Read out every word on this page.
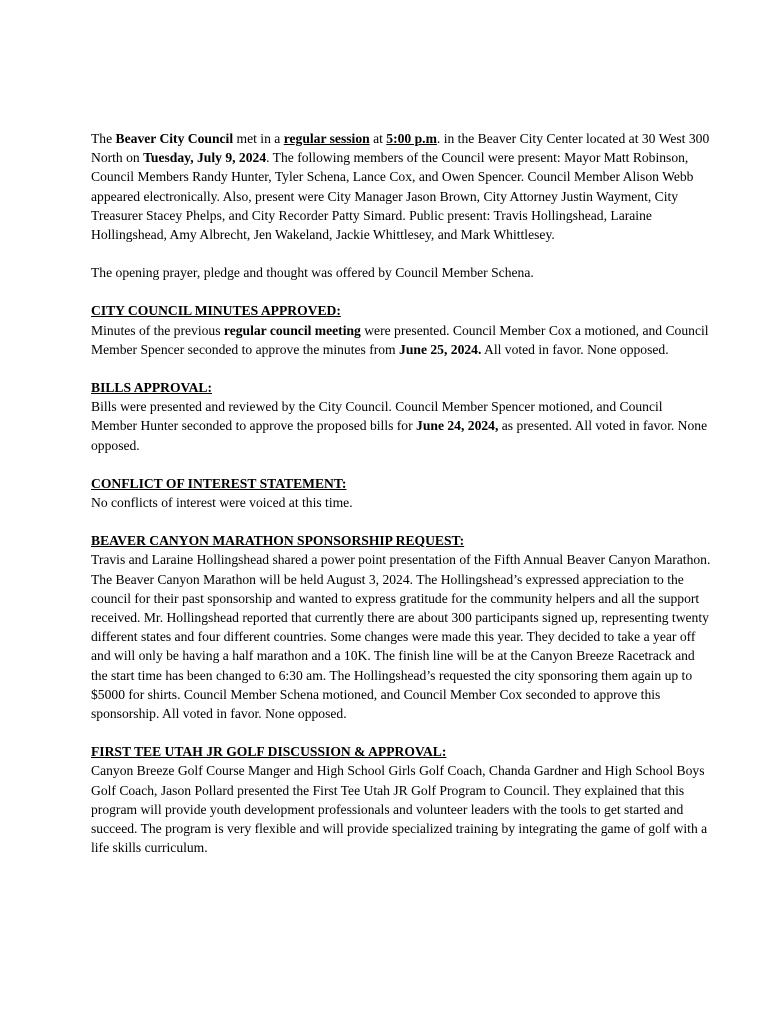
The Beaver City Council met in a regular session at 5:00 p.m. in the Beaver City Center located at 30 West 300 North on Tuesday, July 9, 2024. The following members of the Council were present: Mayor Matt Robinson, Council Members Randy Hunter, Tyler Schena, Lance Cox, and Owen Spencer. Council Member Alison Webb appeared electronically. Also, present were City Manager Jason Brown, City Attorney Justin Wayment, City Treasurer Stacey Phelps, and City Recorder Patty Simard. Public present: Travis Hollingshead, Laraine Hollingshead, Amy Albrecht, Jen Wakeland, Jackie Whittlesey, and Mark Whittlesey.

The opening prayer, pledge and thought was offered by Council Member Schena.

CITY COUNCIL MINUTES APPROVED:

Minutes of the previous regular council meeting were presented. Council Member Cox a motioned, and Council Member Spencer seconded to approve the minutes from June 25, 2024. All voted in favor. None opposed.

BILLS APPROVAL:

Bills were presented and reviewed by the City Council. Council Member Spencer motioned, and Council Member Hunter seconded to approve the proposed bills for June 24, 2024, as presented. All voted in favor. None opposed.

CONFLICT OF INTEREST STATEMENT:

No conflicts of interest were voiced at this time.

BEAVER CANYON MARATHON SPONSORSHIP REQUEST:

Travis and Laraine Hollingshead shared a power point presentation of the Fifth Annual Beaver Canyon Marathon. The Beaver Canyon Marathon will be held August 3, 2024. The Hollingshead’s expressed appreciation to the council for their past sponsorship and wanted to express gratitude for the community helpers and all the support received. Mr. Hollingshead reported that currently there are about 300 participants signed up, representing twenty different states and four different countries. Some changes were made this year. They decided to take a year off and will only be having a half marathon and a 10K. The finish line will be at the Canyon Breeze Racetrack and the start time has been changed to 6:30 am. The Hollingshead’s requested the city sponsoring them again up to $5000 for shirts. Council Member Schena motioned, and Council Member Cox seconded to approve this sponsorship. All voted in favor. None opposed.

FIRST TEE UTAH JR GOLF DISCUSSION & APPROVAL:

Canyon Breeze Golf Course Manger and High School Girls Golf Coach, Chanda Gardner and High School Boys Golf Coach, Jason Pollard presented the First Tee Utah JR Golf Program to Council. They explained that this program will provide youth development professionals and volunteer leaders with the tools to get started and succeed. The program is very flexible and will provide specialized training by integrating the game of golf with a life skills curriculum.
